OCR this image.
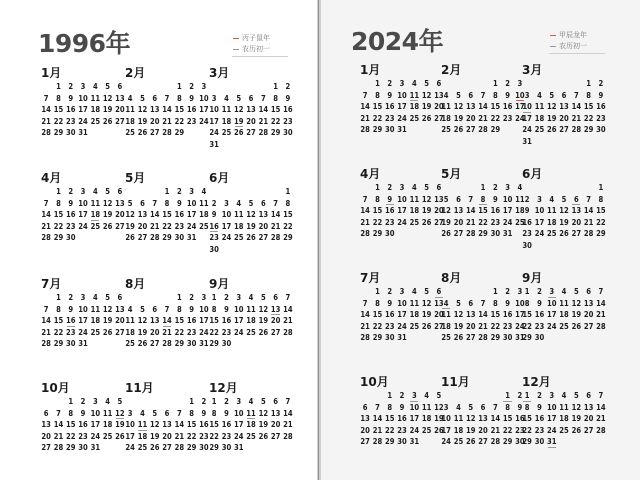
1996年	丙子鼠年
农历初一
1月
1 2 3 4 5 6
7 8 9 10 11 12 13
14 15 16 17 18 19 20
21 22 23 24 25 26 27
28 29 30 31
2月
1 2 3
4 5 6 7 8 9 10
11 12 13 14 15 16 17
18 19 20 21 22 23 24
25 26 27 28 29
3月
1 2
3 4 5 6 7 8 9
10 11 12 13 14 15 16
17 18 19 20 21 22 23
24 25 26 27 28 29 30
31
4月
1 2 3 4 5 6
7 8 9 10 11 12 13
14 15 16 17 18 19 20
21 22 23 24 25 26 27
28 29 30
5月
1 2 3 4
5 6 7 8 9 10 11
12 13 14 15 16 17 18
19 20 21 22 23 24 25
26 27 28 29 30 31
6月
1
2 3 4 5 6 7 8
9 10 11 12 13 14 15
16 17 18 19 20 21 22
23 24 25 26 27 28 29
30
7月
1 2 3 4 5 6
7 8 9 10 11 12 13
14 15 16 17 18 19 20
21 22 23 24 25 26 27
28 29 30 31
8月
1 2 3
4 5 6 7 8 9 10
11 12 13 14 15 16 17
18 19 20 21 22 23 24
25 26 27 28 29 30 31
9月
1 2 3 4 5 6 7
8 9 10 11 12 13 14
15 16 17 18 19 20 21
22 23 24 25 26 27 28
29 30
10月
1 2 3 4 5
6 7 8 9 10 11 12
13 14 15 16 17 18 19
20 21 22 23 24 25 26
27 28 29 30 31
11月
1 2
3 4 5 6 7 8 9
10 11 12 13 14 15 16
17 18 19 20 21 22 23
24 25 26 27 28 29 30
12月
1 2 3 4 5 6 7
8 9 10 11 12 13 14
15 16 17 18 19 20 21
22 23 24 25 26 27 28
29 30 31
2024年	甲辰龙年
农历初一
1月
1 2 3 4 5 6
7 8 9 10 11 12 13
14 15 16 17 18 19 20
21 22 23 24 25 26 27
28 29 30 31
2月
1 2 3
4 5 6 7 8 9 10
11 12 13 14 15 16 17
18 19 20 21 22 23 24
25 26 27 28 29
3月
1 2
3 4 5 6 7 8 9
10 11 12 13 14 15 16
17 18 19 20 21 22 23
24 25 26 27 28 29 30
31
4月
1 2 3 4 5 6
7 8 9 10 11 12 13
14 15 16 17 18 19 20
21 22 23 24 25 26 27
28 29 30
5月
1 2 3 4
5 6 7 8 9 10 11
12 13 14 15 16 17 18
19 20 21 22 23 24 25
26 27 28 29 30 31
6月
1
2 3 4 5 6 7 8
9 10 11 12 13 14 15
16 17 18 19 20 21 22
23 24 25 26 27 28 29
30
7月
1 2 3 4 5 6
7 8 9 10 11 12 13
14 15 16 17 18 19 20
21 22 23 24 25 26 27
28 29 30 31
8月
1 2 3
4 5 6 7 8 9 10
11 12 13 14 15 16 17
18 19 20 21 22 23 24
25 26 27 28 29 30 31
9月
1 2 3 4 5 6 7
8 9 10 11 12 13 14
15 16 17 18 19 20 21
22 23 24 25 26 27 28
29 30
10月
1 2 3 4 5
6 7 8 9 10 11 12
13 14 15 16 17 18 19
20 21 22 23 24 25 26
27 28 29 30 31
11月
1 2
3 4 5 6 7 8 9
10 11 12 13 14 15 16
17 18 19 20 21 22 23
24 25 26 27 28 29 30
12月
1 2 3 4 5 6 7
8 9 10 11 12 13 14
15 16 17 18 19 20 21
22 23 24 25 26 27 28
29 30 31
